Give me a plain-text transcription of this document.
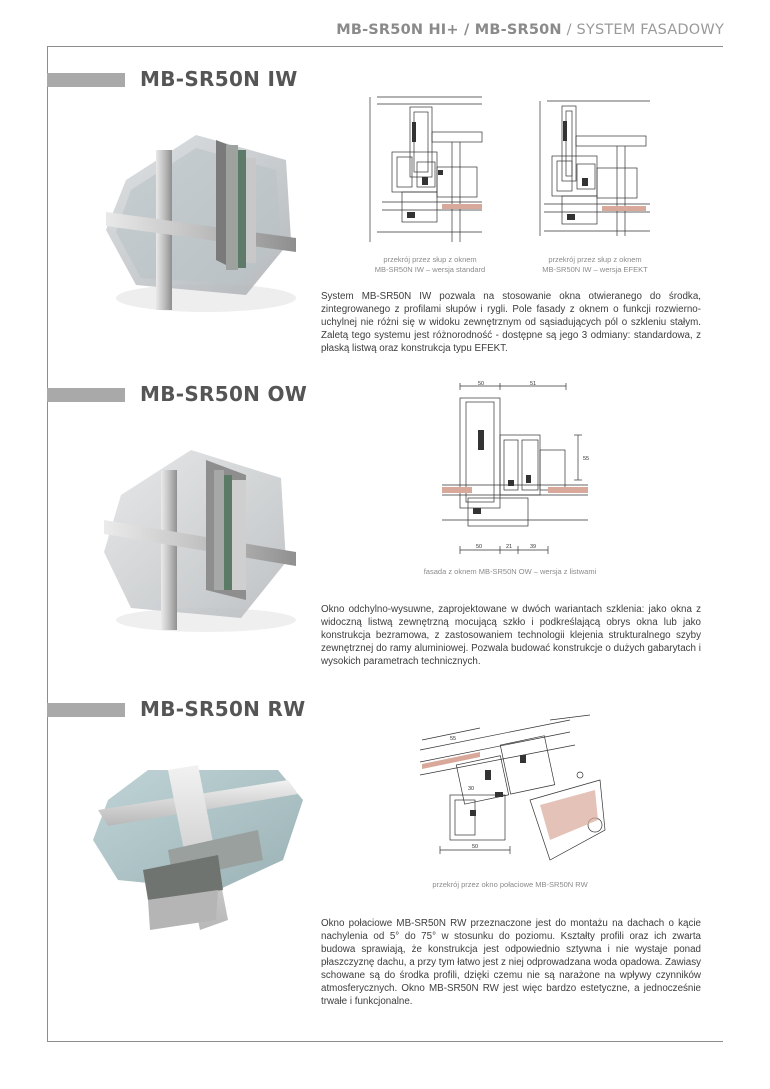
MB-SR50N HI+ / MB-SR50N / SYSTEM FASADOWY
MB-SR50N IW
przekrój przez słup z oknem
MB-SR50N IW – wersja standard
przekrój przez słup z oknem
MB-SR50N IW – wersja EFEKT

System MB-SR50N IW pozwala na stosowanie okna otwieranego do środka, zintegrowanego z profilami słupów i rygli. Pole fasady z oknem o funkcji rozwierno-uchylnej nie różni się w widoku zewnętrznym od sąsiadujących pól o szkleniu stałym. Zaletą tego systemu jest różnorodność - dostępne są jego 3 odmiany: standardowa, z płaską listwą oraz konstrukcja typu EFEKT.

MB-SR50N OW	50	51
50	21	39
55
fasada z oknem MB-SR50N OW – wersja z listwami

Okno odchylno-wysuwne, zaprojektowane w dwóch wariantach szklenia: jako okna z widoczną listwą zewnętrzną mocującą szkło i podkreślającą obrys okna lub jako konstrukcja bezramowa, z zastosowaniem technologii klejenia strukturalnego szyby zewnętrznej do ramy aluminiowej. Pozwala budować konstrukcje o dużych gabarytach i wysokich parametrach technicznych.

MB-SR50N RW
55
30
50
przekrój przez okno połaciowe MB-SR50N RW

Okno połaciowe MB-SR50N RW przeznaczone jest do montażu na dachach o kącie nachylenia od 5° do 75° w stosunku do poziomu. Kształty profili oraz ich zwarta budowa sprawiają, że konstrukcja jest odpowiednio sztywna i nie wystaje ponad płaszczyznę dachu, a przy tym łatwo jest z niej odprowadzana woda opadowa. Zawiasy schowane są do środka profili, dzięki czemu nie są narażone na wpływy czynników atmosferycznych. Okno MB-SR50N RW jest więc bardzo estetyczne, a jednocześnie trwałe i funkcjonalne.
